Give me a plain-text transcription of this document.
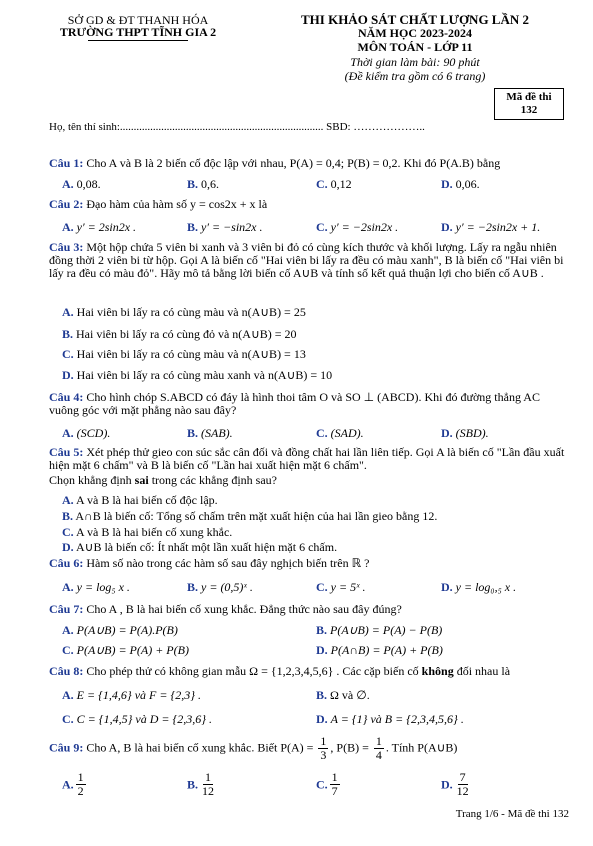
SỞ GD & ĐT THANH HÓA
TRƯỜNG THPT TĨNH GIA 2
THI KHẢO SÁT CHẤT LƯỢNG LẦN 2
NĂM HỌC 2023-2024
MÔN TOÁN - LỚP 11
Thời gian làm bài: 90 phút
(Đề kiểm tra gồm có 6 trang)
Mã đề thi
132
Họ, tên thí sinh:.......................................................................... SBD: ………………..
Câu 1: Cho A và B là 2 biến cố độc lập với nhau, P(A) = 0,4; P(B) = 0,2. Khi đó P(A.B) bằng
A. 0,08.	B. 0,6.	C. 0,12	D. 0,06.
Câu 2: Đạo hàm của hàm số y = cos2x + x là
A. y′ = 2sin2x .	B. y′ = −sin2x .	C. y′ = −2sin2x .	D. y′ = −2sin2x + 1.
Câu 3: Một hộp chứa 5 viên bi xanh và 3 viên bi đỏ có cùng kích thước và khối lượng. Lấy ra ngẫu nhiên đồng thời 2 viên bi từ hộp. Gọi A là biến cố "Hai viên bi lấy ra đều có màu xanh", B là biến cố "Hai viên bi lấy ra đều có màu đỏ". Hãy mô tả bằng lời biến cố A∪B và tính số kết quả thuận lợi cho biến cố A∪B .
A. Hai viên bi lấy ra có cùng màu và n(A∪B) = 25
B. Hai viên bi lấy ra có cùng đỏ và n(A∪B) = 20
C. Hai viên bi lấy ra có cùng màu và n(A∪B) = 13
D. Hai viên bi lấy ra có cùng màu xanh và n(A∪B) = 10
Câu 4: Cho hình chóp S.ABCD có đáy là hình thoi tâm O và SO ⊥ (ABCD). Khi đó đường thẳng AC vuông góc với mặt phẳng nào sau đây?
A. (SCD).	B. (SAB).	C. (SAD).	D. (SBD).
Câu 5: Xét phép thử gieo con súc sắc cân đối và đồng chất hai lần liên tiếp. Gọi A là biến cố "Lần đầu xuất hiện mặt 6 chấm" và B là biến cố "Lần hai xuất hiện mặt 6 chấm".
Chọn khẳng định sai trong các khẳng định sau?
A. A và B là hai biến cố độc lập.
B. A∩B là biến cố: Tổng số chấm trên mặt xuất hiện của hai lần gieo bằng 12.
C. A và B là hai biến cố xung khắc.
D. A∪B là biến cố: Ít nhất một lần xuất hiện mặt 6 chấm.
Câu 6: Hàm số nào trong các hàm số sau đây nghịch biến trên ℝ ?
A. y = log₅ x .	B. y = (0,5)ˣ .	C. y = 5ˣ .	D. y = log₀,₅ x .
Câu 7: Cho A , B là hai biến cố xung khắc. Đẳng thức nào sau đây đúng?
A. P(A∪B) = P(A).P(B)	B. P(A∪B) = P(A) − P(B)
C. P(A∪B) = P(A) + P(B)	D. P(A∩B) = P(A) + P(B)
Câu 8: Cho phép thử có không gian mẫu Ω = {1,2,3,4,5,6} . Các cặp biến cố không đối nhau là
A. E = {1,4,6} và F = {2,3} .	B. Ω và ∅.
C. C = {1,4,5} và D = {2,3,6} .	D. A = {1} và B = {2,3,4,5,6} .
Câu 9: Cho A, B là hai biến cố xung khắc. Biết $P(A) = \frac{1}{3}$ , $P(B) = \frac{1}{4}$ . Tính P(A∪B)
A. $\frac{1}{2}$	B. $\frac{1}{12}$	C. $\frac{1}{7}$	D. $\frac{7}{12}$
Trang 1/6 - Mã đề thi 132
